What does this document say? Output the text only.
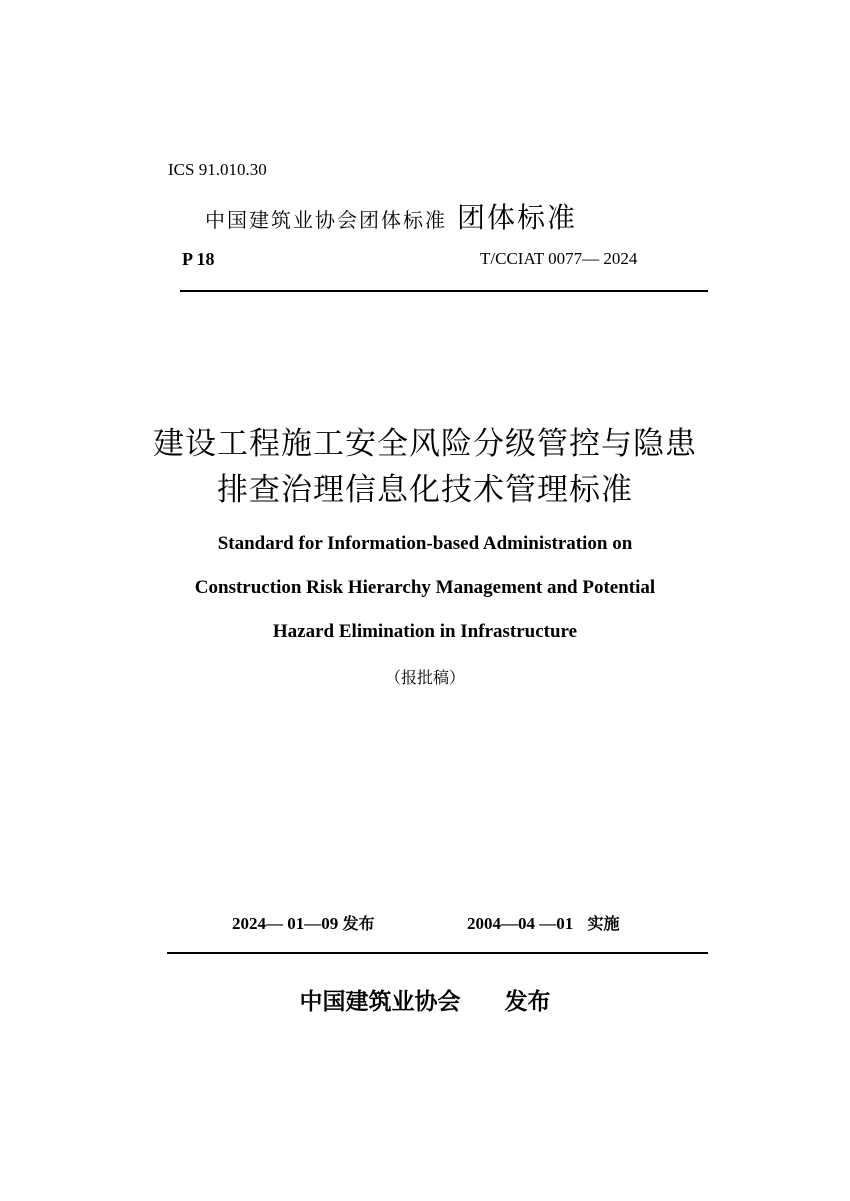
ICS 91.010.30
中国建筑业协会团体标准 团体标准
P 18	T/CCIAT 0077— 2024
建设工程施工安全风险分级管控与隐患
排查治理信息化技术管理标准
Standard for Information-based Administration on
Construction Risk Hierarchy Management and Potential
Hazard Elimination in Infrastructure
（报批稿）
2024— 01—09 发布	2004—04 —01 实施
中国建筑业协会 发布
